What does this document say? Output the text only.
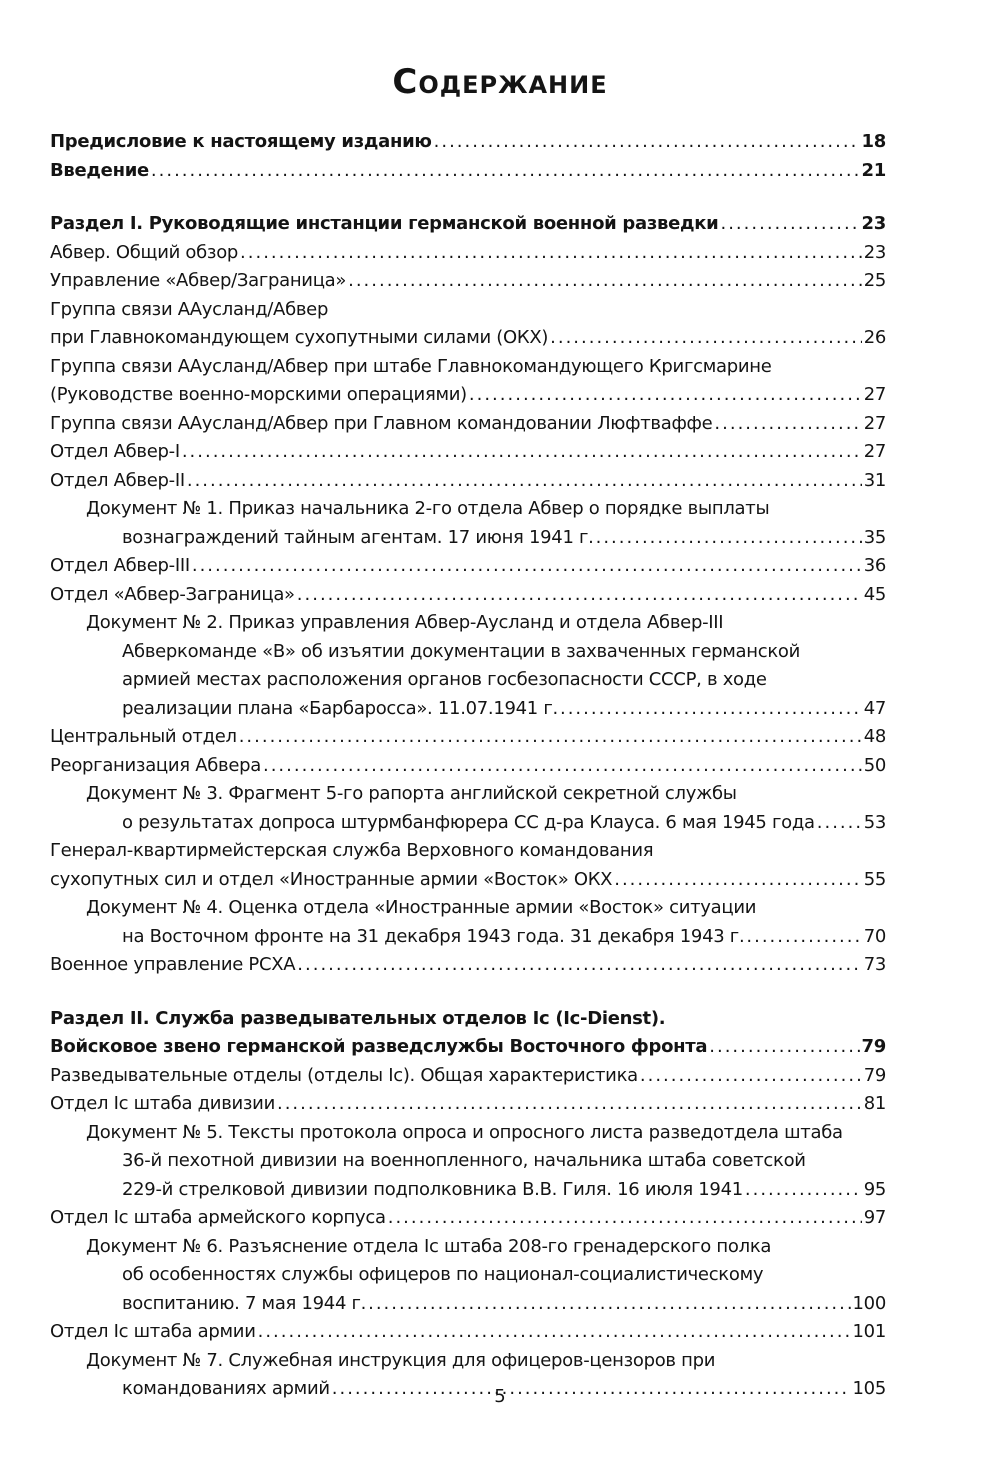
Содержание
Предисловие к настоящему изданию .....	18
Введение .....	21
Раздел I. Руководящие инстанции германской военной разведки .....	23
Абвер. Общий обзор .....	23
Управление «Абвер/Заграница» .....	25
Группа связи ААусланд/Абвер
при Главнокомандующем сухопутными силами (ОКХ) .....	26
Группа связи ААусланд/Абвер при штабе Главнокомандующего Кригсмарине
(Руководстве военно-морскими операциями) .....	27
Группа связи ААусланд/Абвер при Главном командовании Люфтваффе .....	27
Отдел Абвер-I .....	27
Отдел Абвер-II .....	31
Документ № 1. Приказ начальника 2-го отдела Абвер о порядке выплаты
вознаграждений тайным агентам. 17 июня 1941 г. .....	35
Отдел Абвер-III .....	36
Отдел «Абвер-Заграница» .....	45
Документ № 2. Приказ управления Абвер-Ауслaнд и отдела Абвер-III
Абверкоманде «В» об изъятии документации в захваченных германской
армией местах расположения органов госбезопасности СССР, в ходе
реализации плана «Барбаросса». 11.07.1941 г. .....	47
Центральный отдел .....	48
Реорганизация Абвера .....	50
Документ № 3. Фрагмент 5-го рапорта английской секретной службы
о результатах допроса штурмбанфюрера СС д-ра Клауса. 6 мая 1945 года .....	53
Генерал-квартирмейстерская служба Верховного командования
сухопутных сил и отдел «Иностранные армии «Восток» ОКХ .....	55
Документ № 4. Оценка отдела «Иностранные армии «Восток» ситуации
на Восточном фронте на 31 декабря 1943 года. 31 декабря 1943 г. .....	70
Военное управление РСХА .....	73
Раздел II. Служба разведывательных отделов Ic (Ic-Dienst).
Войсковое звено германской разведслужбы Восточного фронта .....	79
Разведывательные отделы (отделы Ic). Общая характеристика .....	79
Отдел Ic штаба дивизии .....	81
Документ № 5. Тексты протокола опроса и опросного листа разведотдела штаба
36-й пехотной дивизии на военнопленного, начальника штаба советской
229-й стрелковой дивизии подполковника В.В. Гиля. 16 июля 1941 .....	95
Отдел Ic штаба армейского корпуса .....	97
Документ № 6. Разъяснение отдела Ic штаба 208-го гренадерского полка
об особенностях службы офицеров по национал-социалистическому
воспитанию. 7 мая 1944 г. .....	100
Отдел Ic штаба армии .....	101
Документ № 7. Служебная инструкция для офицеров-цензоров при
командованиях армий .....	105
5
